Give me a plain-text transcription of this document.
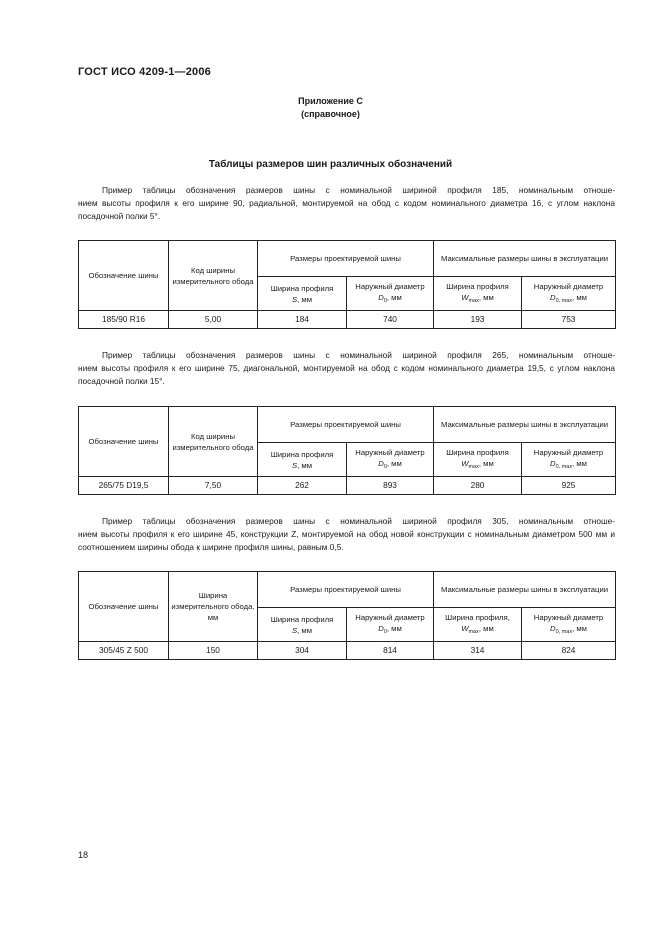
ГОСТ ИСО 4209-1—2006
Приложение С
(справочное)
Таблицы размеров шин различных обозначений
Пример таблицы обозначения размеров шины с номинальной шириной профиля 185, номинальным отноше-
нием высоты профиля к его ширине 90, радиальной, монтируемой на обод с кодом номинального диаметра 16, с углом наклона посадочной полки 5°.
Обозначение шины	Код ширины измерительного обода	Размеры проектируемой шины		Максимальные размеры шины в эксплуатации	
		Ширина профиля
S, мм	Наружный диаметр
$D_0$, мм	Ширина профиля
$W_{max}$, мм	Наружный диаметр
$D_{0, max}$, мм
185/90 R16	5,00	184	740	193	753
Пример таблицы обозначения размеров шины с номинальной шириной профиля 265, номинальным отноше-
нием высоты профиля к его ширине 75, диагональной, монтируемой на обод с кодом номинального диаметра 19,5, с углом наклона посадочной полки 15°.
Обозначение шины	Код ширины измерительного обода	Размеры проектируемой шины		Максимальные размеры шины в эксплуатации	
		Ширина профиля
S, мм	Наружный диаметр
$D_0$, мм	Ширина профиля
$W_{max}$, мм	Наружный диаметр
$D_{0, max}$, мм
265/75 D19,5	7,50	262	893	280	925
Пример таблицы обозначения размеров шины с номинальной шириной профиля 305, номинальным отноше-
нием высоты профиля к его ширине 45, конструкции Z, монтируемой на обод новой конструкции с номинальным диаметром 500 мм и соотношением ширины обода к ширине профиля шины, равным 0,5.
Обозначение шины	Ширина измерительного обода, мм	Размеры проектируемой шины		Максимальные размеры шины в эксплуатации	
		Ширина профиля
S, мм	Наружный диаметр
$D_0$, мм	Ширина профиля,
$W_{max}$, мм	Наружный диаметр
$D_{0, max}$, мм
305/45 Z 500	150	304	814	314	824
18
